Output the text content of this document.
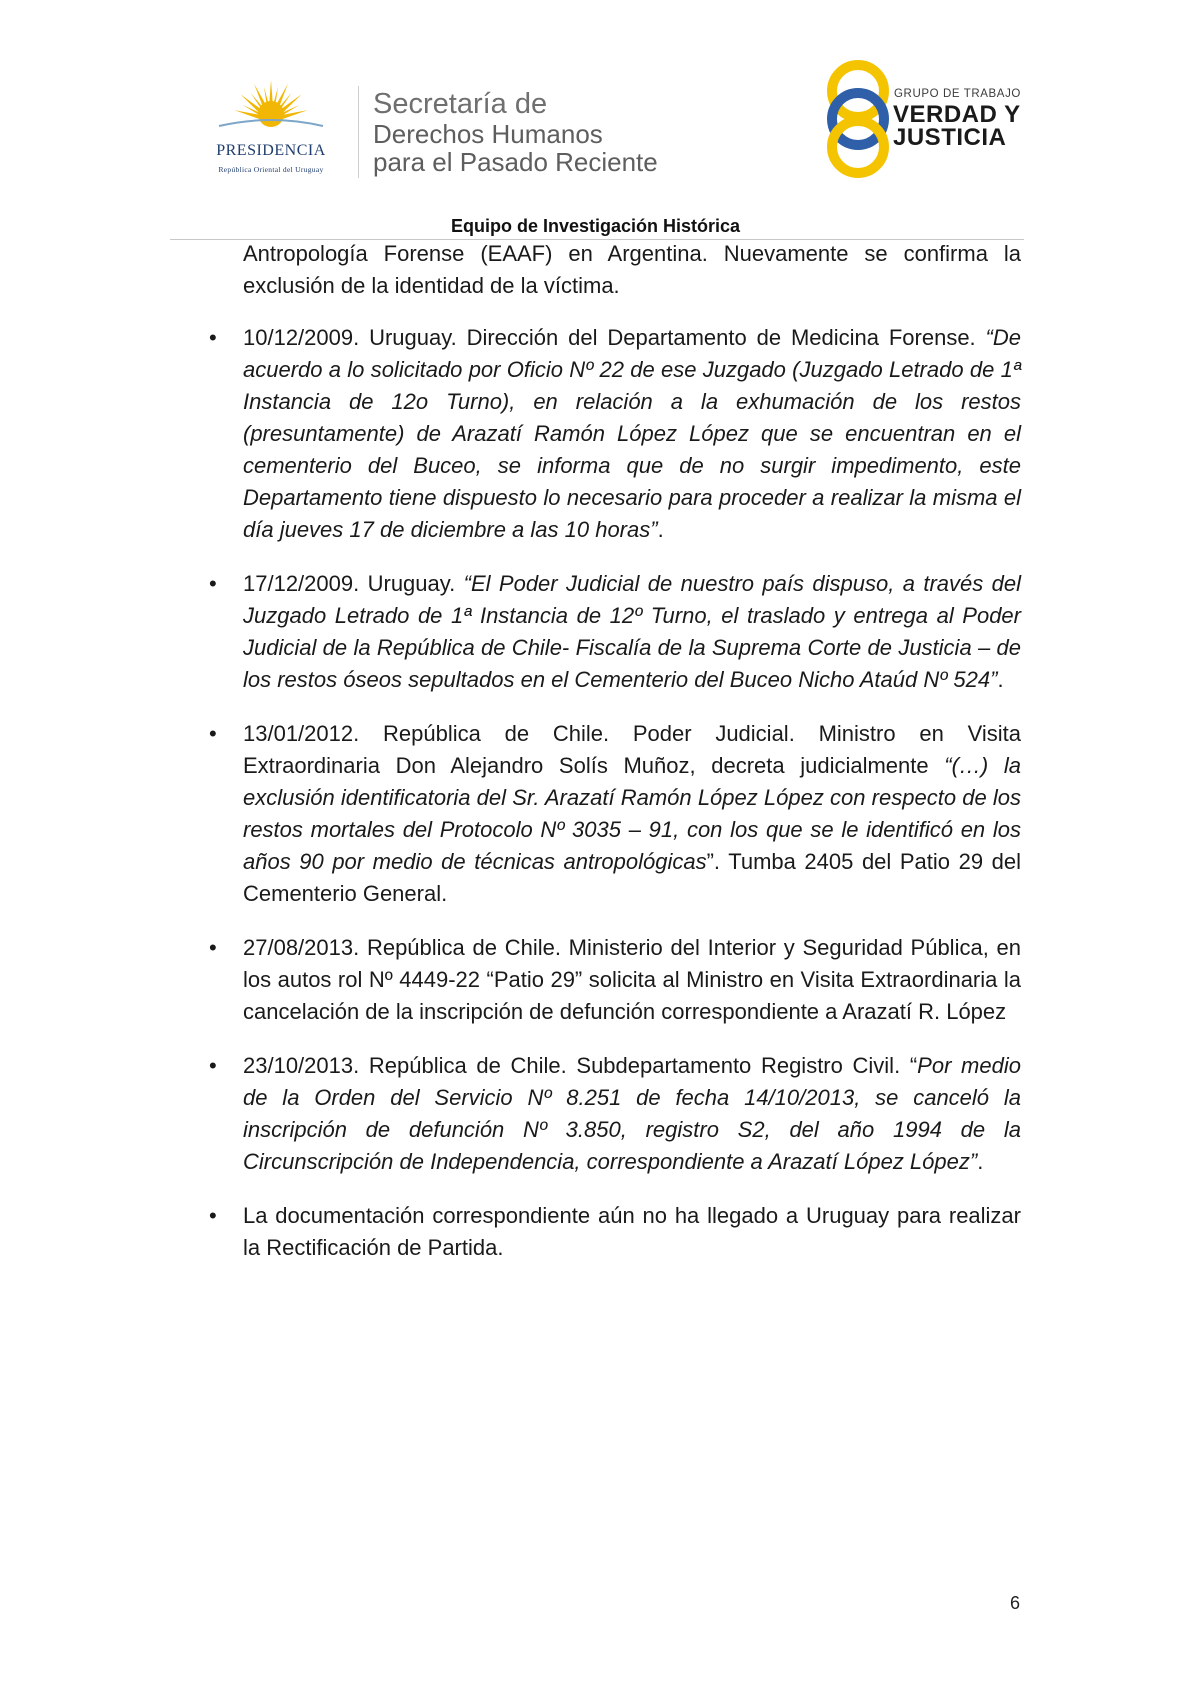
PRESIDENCIA
República Oriental del Uruguay
Secretaría de
Derechos Humanos
para el Pasado Reciente
GRUPO DE TRABAJO
VERDAD Y
JUSTICIA
Equipo de Investigación Histórica

Antropología Forense (EAAF) en Argentina. Nuevamente se confirma la exclusión de la identidad de la víctima.

• 10/12/2009. Uruguay. Dirección del Departamento de Medicina Forense. “De acuerdo a lo solicitado por Oficio Nº 22 de ese Juzgado (Juzgado Letrado de 1ª Instancia de 12o Turno), en relación a la exhumación de los restos (presuntamente) de Arazatí Ramón López López que se encuentran en el cementerio del Buceo, se informa que de no surgir impedimento, este Departamento tiene dispuesto lo necesario para proceder a realizar la misma el día jueves 17 de diciembre a las 10 horas”.
• 17/12/2009. Uruguay. “El Poder Judicial de nuestro país dispuso, a través del Juzgado Letrado de 1ª Instancia de 12º Turno, el traslado y entrega al Poder Judicial de la República de Chile- Fiscalía de la Suprema Corte de Justicia – de los restos óseos sepultados en el Cementerio del Buceo Nicho Ataúd Nº 524”.
• 13/01/2012. República de Chile. Poder Judicial. Ministro en Visita Extraordinaria Don Alejandro Solís Muñoz, decreta judicialmente “(…) la exclusión identificatoria del Sr. Arazatí Ramón López López con respecto de los restos mortales del Protocolo Nº 3035 – 91, con los que se le identificó en los años 90 por medio de técnicas antropológicas”. Tumba 2405 del Patio 29 del Cementerio General.
• 27/08/2013. República de Chile. Ministerio del Interior y Seguridad Pública, en los autos rol Nº 4449-22 “Patio 29” solicita al Ministro en Visita Extraordinaria la cancelación de la inscripción de defunción correspondiente a Arazatí R. López
• 23/10/2013. República de Chile. Subdepartamento Registro Civil. “Por medio de la Orden del Servicio Nº 8.251 de fecha 14/10/2013, se canceló la inscripción de defunción Nº 3.850, registro S2, del año 1994 de la Circunscripción de Independencia, correspondiente a Arazatí López López”.
• La documentación correspondiente aún no ha llegado a Uruguay para realizar la Rectificación de Partida.
6
